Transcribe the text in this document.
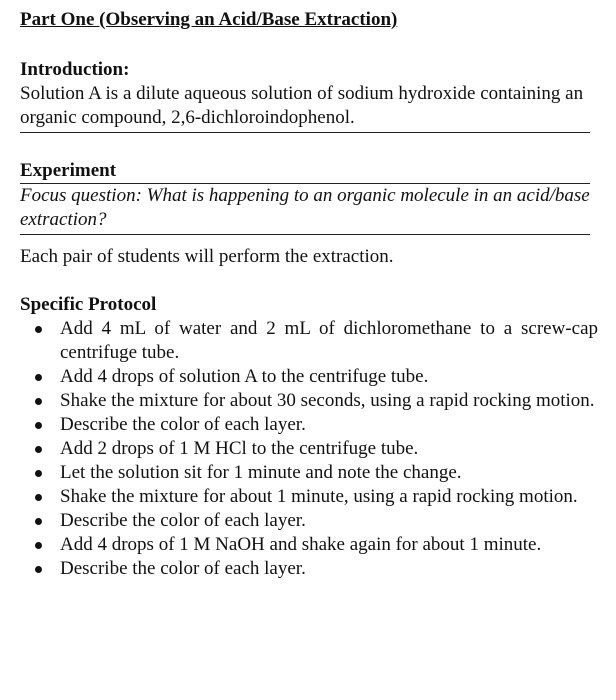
Part One (Observing an Acid/Base Extraction)
Introduction:
Solution A is a dilute aqueous solution of sodium hydroxide containing an organic compound, 2,6-dichloroindophenol.
Experiment
Focus question: What is happening to an organic molecule in an acid/base extraction?
Each pair of students will perform the extraction.
Specific Protocol
Add 4 mL of water and 2 mL of dichloromethane to a screw-cap centrifuge tube.
Add 4 drops of solution A to the centrifuge tube.
Shake the mixture for about 30 seconds, using a rapid rocking motion.
Describe the color of each layer.
Add 2 drops of 1 M HCl to the centrifuge tube.
Let the solution sit for 1 minute and note the change.
Shake the mixture for about 1 minute, using a rapid rocking motion.
Describe the color of each layer.
Add 4 drops of 1 M NaOH and shake again for about 1 minute.
Describe the color of each layer.
